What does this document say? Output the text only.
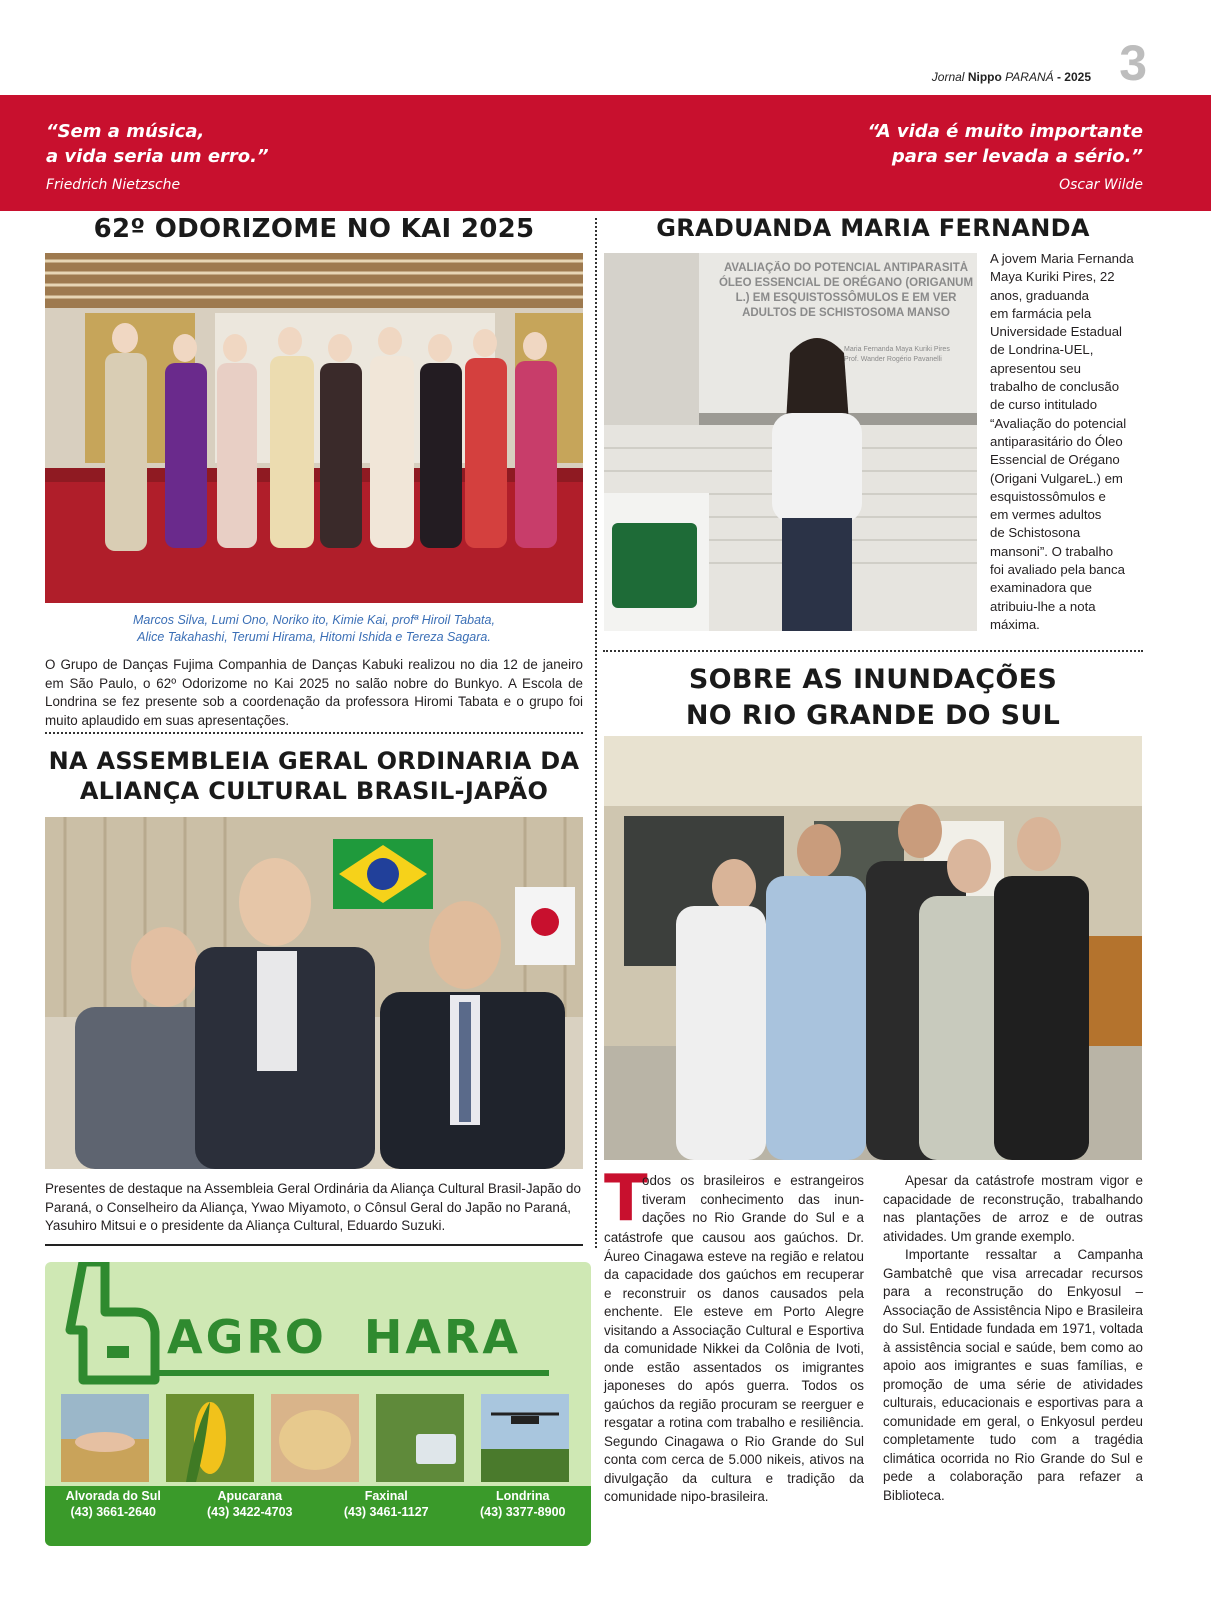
Jornal Nippo PARANÁ - 2025 3
“Sem a música,
a vida seria um erro.”
Friedrich Nietzsche
“A vida é muito importante
para ser levada a sério.”
Oscar Wilde
62º ODORIZOME NO KAI 2025
Marcos Silva, Lumi Ono, Noriko ito, Kimie Kai, profª Hiroil Tabata,
Alice Takahashi, Terumi Hirama, Hitomi Ishida e Tereza Sagara.
O Grupo de Danças Fujima Companhia de Danças Kabuki realizou no dia 12 de janeiro em São Paulo, o 62º Odorizome no Kai 2025 no salão nobre do Bunkyo. A Escola de Londrina se fez presente sob a coordenação da professora Hiromi Tabata e o grupo foi muito aplaudido em suas apresentações.
NA ASSEMBLEIA GERAL ORDINARIA DA
ALIANÇA CULTURAL BRASIL-JAPÃO
Presentes de destaque na Assembleia Geral Ordinária da Aliança Cultural Brasil-Japão do Paraná, o Conselheiro da Aliança, Ywao Miyamoto, o Cônsul Geral do Japão no Paraná, Yasuhiro Mitsui e o presidente da Aliança Cultural, Eduardo Suzuki.
GRADUANDA MARIA FERNANDA
AVALIAÇÃO DO POTENCIAL ANTIPARASITÁ
ÓLEO ESSENCIAL DE ORÉGANO (ORIGANUM
L.) EM ESQUISTOSSÔMULOS E EM VER
ADULTOS DE SCHISTOSOMA MANSO
Maria Fernanda Maya Kuriki Pires
Prof. Wander Rogério Pavanelli
A jovem Maria Fernanda
Maya Kuriki Pires, 22
anos, graduanda
em farmácia pela
Universidade Estadual
de Londrina-UEL,
apresentou seu
trabalho de conclusão
de curso intitulado
“Avaliação do potencial
antiparasitário do Óleo
Essencial de Orégano
(Origani VulgareL.) em
esquistossômulos e
em vermes adultos
de Schistosona
mansoni”. O trabalho
foi avaliado pela banca
examinadora que
atribuiu-lhe a nota
máxima.
SOBRE AS INUNDAÇÕES
NO RIO GRANDE DO SUL
T
odos os brasileiros e estrangeiros
tiveram conhecimento das inun-
dações no Rio Grande do Sul e a
catástrofe que causou aos gaúchos. Dr. Áureo Cinagawa esteve na região e relatou da capacidade dos gaúchos em recuperar e reconstruir os danos causados pela enchente. Ele esteve em Porto Alegre visitando a Associação Cultural e Esportiva da comunidade Nikkei da Colônia de Ivoti, onde estão assentados os imigrantes japoneses do após guerra. Todos os gaúchos da região procuram se reerguer e resgatar a rotina com trabalho e resiliência. Segundo Cinagawa o Rio Grande do Sul conta com cerca de 5.000 nikeis, ativos na divulgação da cultura e tradição da comunidade nipo-brasileira.
Apesar da catástrofe mostram vigor e capacidade de reconstrução, trabalhando nas plantações de arroz e de outras atividades. Um grande exemplo.
Importante ressaltar a Campanha Gambatchê que visa arrecadar recursos para a reconstrução do Enkyosul – Associação de Assistência Nipo e Brasileira do Sul. Entidade fundada em 1971, voltada à assistência social e saúde, bem como ao apoio aos imigrantes e suas famílias, e promoção de uma série de atividades culturais, educacionais e esportivas para a comunidade em geral, o Enkyosul perdeu completamente tudo com a tragédia climática ocorrida no Rio Grande do Sul e pede a colaboração para refazer a Biblioteca.
AGRO HARA
Alvorada do Sul
(43) 3661-2640
Apucarana
(43) 3422-4703
Faxinal
(43) 3461-1127
Londrina
(43) 3377-8900
